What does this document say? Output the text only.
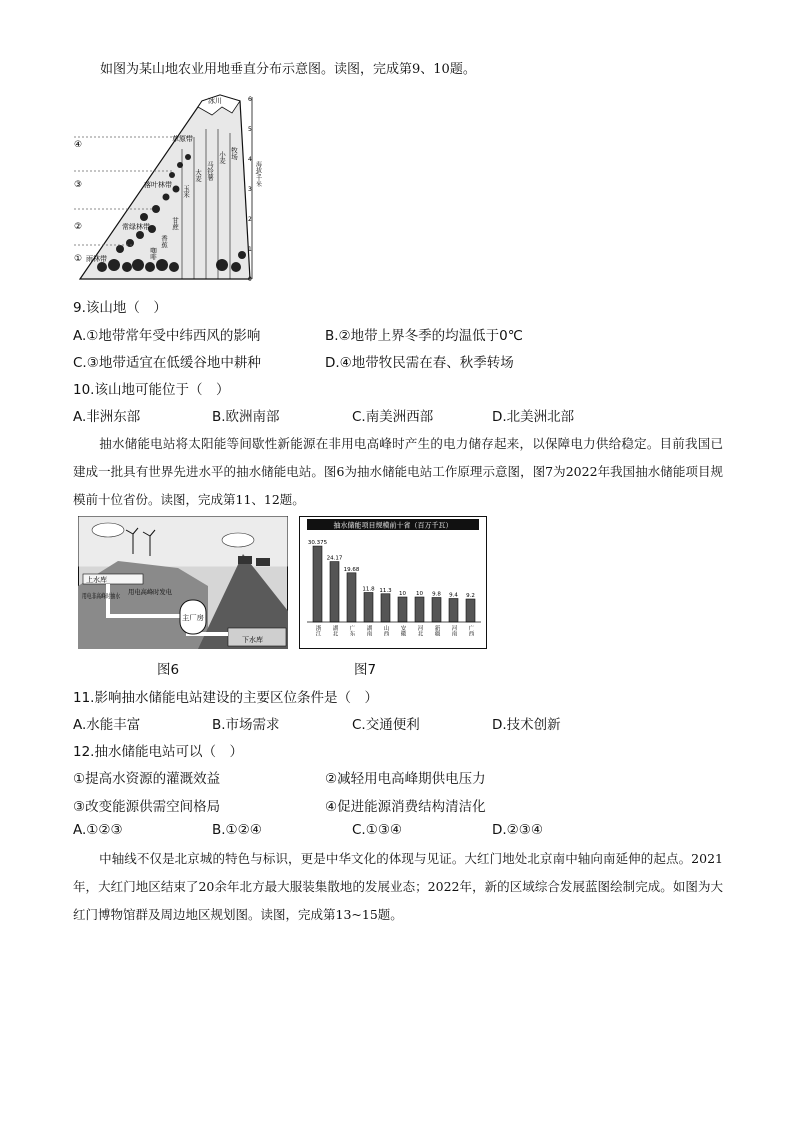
如图为某山地农业用地垂直分布示意图。读图，完成第9、10题。
冰川
草原带
落叶林带
常绿林带
雨林带
牧场
小麦
马铃薯
大麦
玉米
甘蔗
香蕉
咖啡
④
③
②
①
0
1
2
3
4
5
6
海拔/千米
9.该山地（　）
A.①地带常年受中纬西风的影响	B.②地带上界冬季的均温低于0℃
C.③地带适宜在低缓谷地中耕种	D.④地带牧民需在春、秋季转场
10.该山地可能位于（　）
A.非洲东部	B.欧洲南部	C.南美洲西部	D.北美洲北部
抽水储能电站将太阳能等间歇性新能源在非用电高峰时产生的电力储存起来，以保障电力供给稳定。目前我国已建成一批具有世界先进水平的抽水储能电站。图6为抽水储能电站工作原理示意图，图7为2022年我国抽水储能项目规模前十位省份。读图，完成第11、12题。
上水库
用电非高峰时抽水
用电高峰时发电
主厂房
下水库
图6
抽水储能项目规模前十省（百万千瓦）
30.375
浙江
24.17
湖北
19.68
广东
11.8
湖南
11.3
山西
10
安徽
10
河北
9.8
新疆
9.4
河南
9.2
广西
图7
11.影响抽水储能电站建设的主要区位条件是（　）
A.水能丰富	B.市场需求	C.交通便利	D.技术创新
12.抽水储能电站可以（　）
①提高水资源的灌溉效益	②减轻用电高峰期供电压力
③改变能源供需空间格局	④促进能源消费结构清洁化
A.①②③	B.①②④	C.①③④	D.②③④
中轴线不仅是北京城的特色与标识，更是中华文化的体现与见证。大红门地处北京南中轴向南延伸的起点。2021年，大红门地区结束了20余年北方最大服装集散地的发展业态；2022年，新的区域综合发展蓝图绘制完成。如图为大红门博物馆群及周边地区规划图。读图，完成第13~15题。
